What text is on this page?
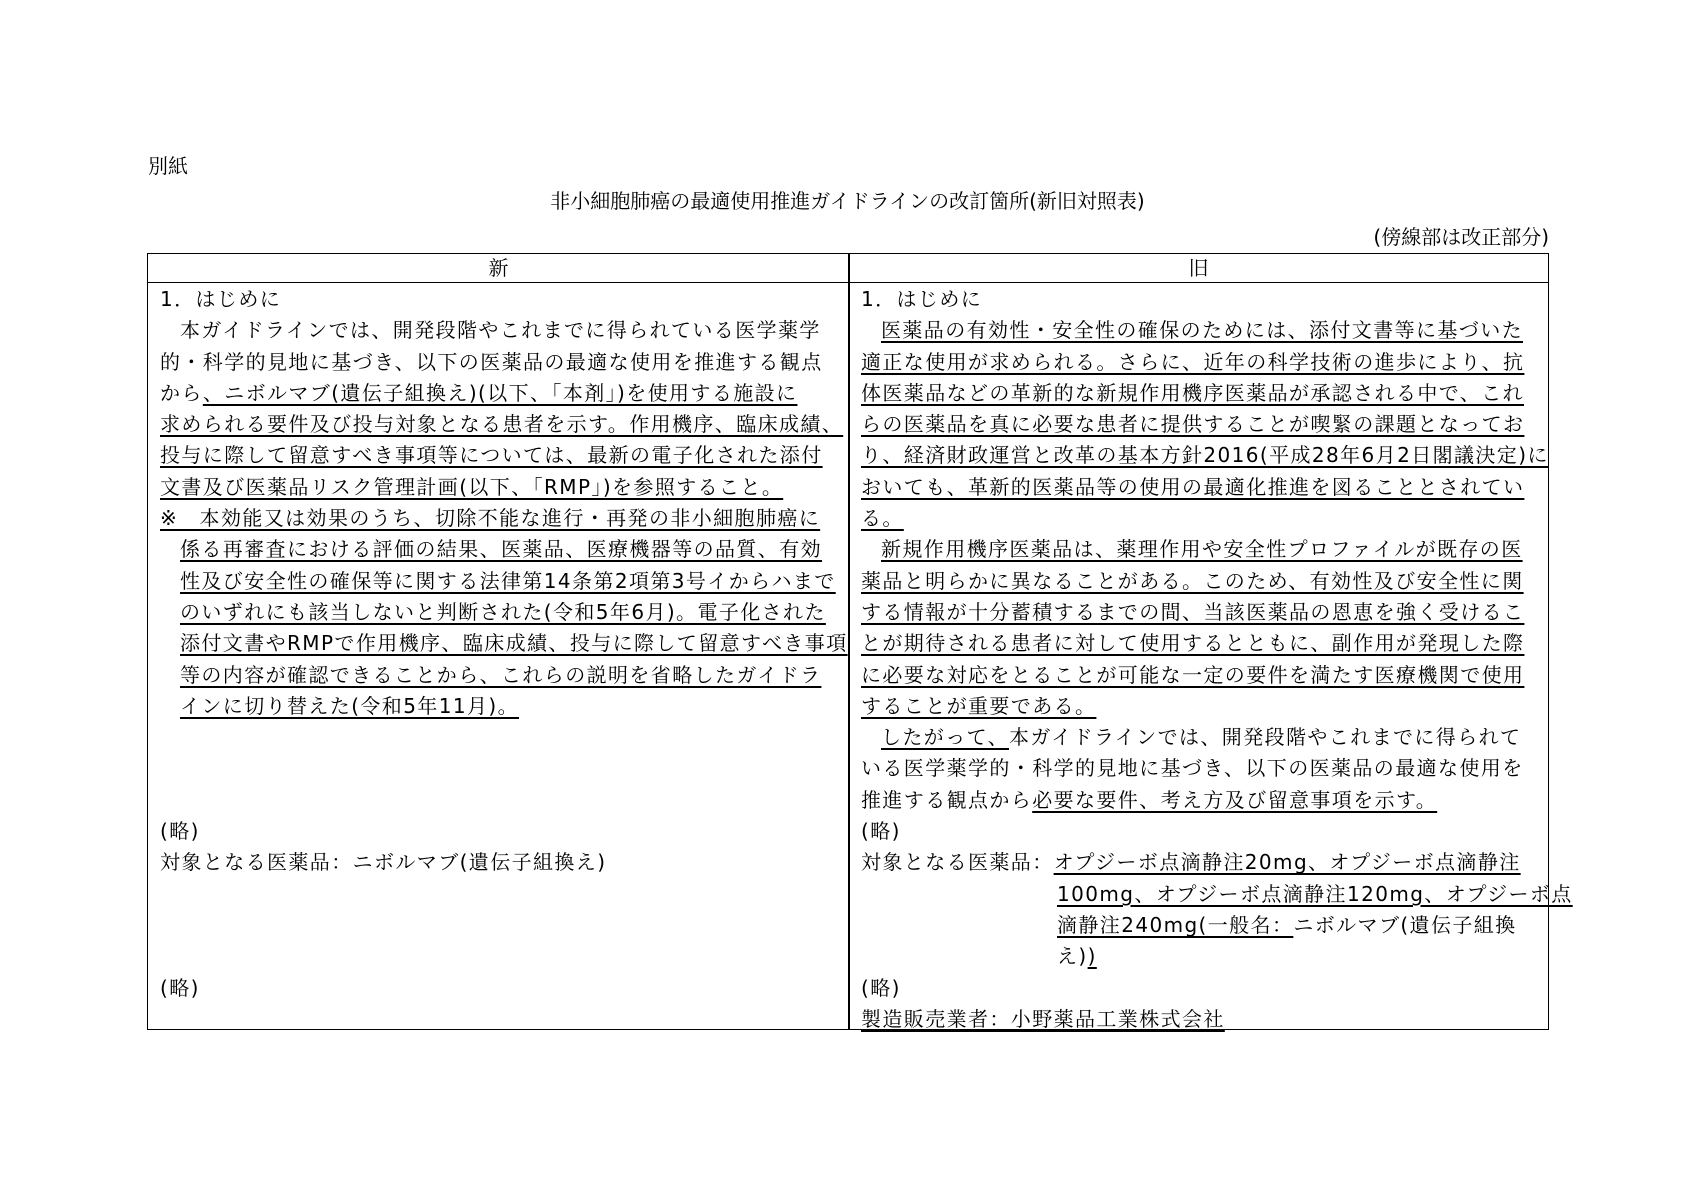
別紙
非小細胞肺癌の最適使用推進ガイドラインの改訂箇所(新旧対照表)
(傍線部は改正部分)
新	旧
1．はじめに
本ガイドラインでは、開発段階やこれまでに得られている医学薬学
的・科学的見地に基づき、以下の医薬品の最適な使用を推進する観点
から、ニボルマブ(遺伝子組換え)(以下、「本剤」)を使用する施設に
求められる要件及び投与対象となる患者を示す。作用機序、臨床成績、
投与に際して留意すべき事項等については、最新の電子化された添付
文書及び医薬品リスク管理計画(以下、「RMP」)を参照すること。
※　本効能又は効果のうち、切除不能な進行・再発の非小細胞肺癌に
係る再審査における評価の結果、医薬品、医療機器等の品質、有効
性及び安全性の確保等に関する法律第14条第2項第3号イからハまで
のいずれにも該当しないと判断された(令和5年6月)。電子化された
添付文書やRMPで作用機序、臨床成績、投与に際して留意すべき事項
等の内容が確認できることから、これらの説明を省略したガイドラ
インに切り替えた(令和5年11月)。
(略)
対象となる医薬品：ニボルマブ(遺伝子組換え)
(略)
1．はじめに
医薬品の有効性・安全性の確保のためには、添付文書等に基づいた
適正な使用が求められる。さらに、近年の科学技術の進歩により、抗
体医薬品などの革新的な新規作用機序医薬品が承認される中で、これ
らの医薬品を真に必要な患者に提供することが喫緊の課題となってお
り、経済財政運営と改革の基本方針2016(平成28年6月2日閣議決定)に
おいても、革新的医薬品等の使用の最適化推進を図ることとされてい
る。
新規作用機序医薬品は、薬理作用や安全性プロファイルが既存の医
薬品と明らかに異なることがある。このため、有効性及び安全性に関
する情報が十分蓄積するまでの間、当該医薬品の恩恵を強く受けるこ
とが期待される患者に対して使用するとともに、副作用が発現した際
に必要な対応をとることが可能な一定の要件を満たす医療機関で使用
することが重要である。
したがって、本ガイドラインでは、開発段階やこれまでに得られて
いる医学薬学的・科学的見地に基づき、以下の医薬品の最適な使用を
推進する観点から必要な要件、考え方及び留意事項を示す。
(略)
対象となる医薬品：オプジーボ点滴静注20mg、オプジーボ点滴静注
100mg、オプジーボ点滴静注120mg、オプジーボ点
滴静注240mg(一般名：ニボルマブ(遺伝子組換
え))
(略)
製造販売業者：小野薬品工業株式会社
